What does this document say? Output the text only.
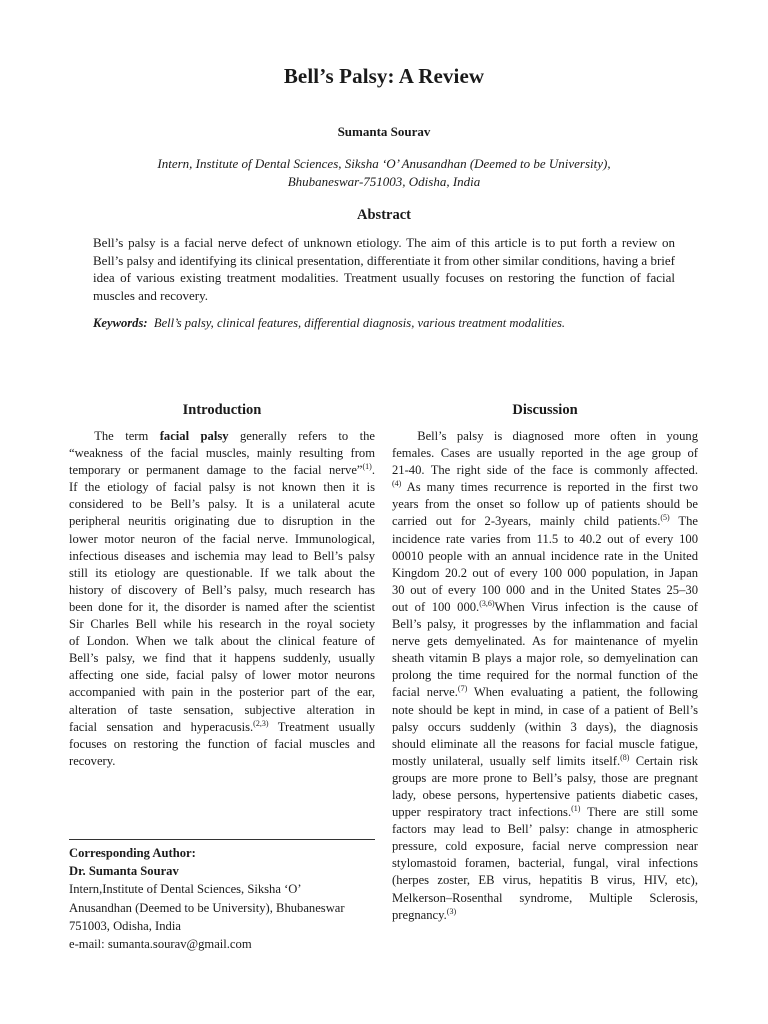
Bell’s Palsy: A Review
Sumanta Sourav
Intern, Institute of Dental Sciences, Siksha ‘O’ Anusandhan (Deemed to be University),
Bhubaneswar-751003, Odisha, India
Abstract
Bell’s palsy is a facial nerve defect of unknown etiology. The aim of this article is to put forth a review on Bell’s palsy and identifying its clinical presentation, differentiate it from other similar conditions, having a brief idea of various existing treatment modalities. Treatment usually focuses on restoring the function of facial muscles and recovery.
Keywords: Bell’s palsy, clinical features, differential diagnosis, various treatment modalities.
Introduction
  The term facial palsy generally refers to the
“weakness of the facial muscles, mainly resulting from
temporary or permanent damage to the facial nerve”$^{(1)}$.
If the etiology of facial palsy is not known then it is
considered to be Bell’s palsy. It is a unilateral acute
peripheral neuritis originating due to disruption in the
lower motor neuron of the facial nerve. Immunological,
infectious diseases and ischemia may lead to Bell’s palsy
still its etiology are questionable. If we talk about the
history of discovery of Bell’s palsy, much research has
been done for it, the disorder is named after the scientist
Sir Charles Bell while his research in the royal society
of London. When we talk about the clinical feature of
Bell’s palsy, we find that it happens suddenly, usually
affecting one side, facial palsy of lower motor neurons
accompanied with pain in the posterior part of the ear,
alteration of taste sensation, subjective alteration in
facial sensation and hyperacusis.$^{(2,3)}$ Treatment usually
focuses on restoring the function of facial muscles and
recovery.
Corresponding Author:
Dr. Sumanta Sourav
Intern,Institute of Dental Sciences, Siksha ‘O’
Anusandhan (Deemed to be University), Bhubaneswar
751003, Odisha, India
e-mail: sumanta.sourav@gmail.com
Discussion
  Bell’s palsy is diagnosed more often in young
females. Cases are usually reported in the age group of
21-40. The right side of the face is commonly affected.
$^{(4)}$ As many times recurrence is reported in the first two
years from the onset so follow up of patients should be
carried out for 2-3years, mainly child patients.$^{(5)}$ The
incidence rate varies from 11.5 to 40.2 out of every 100
00010 people with an annual incidence rate in the United
Kingdom 20.2 out of every 100 000 population, in Japan
30 out of every 100 000 and in the United States 25–30
out of 100 000.$^{(3,6)}$When Virus infection is the cause of
Bell’s palsy, it progresses by the inflammation and facial
nerve gets demyelinated. As for maintenance of myelin
sheath vitamin B plays a major role, so demyelination can
prolong the time required for the normal function of the
facial nerve.$^{(7)}$ When evaluating a patient, the following
note should be kept in mind, in case of a patient of Bell’s
palsy occurs suddenly (within 3 days), the diagnosis
should eliminate all the reasons for facial muscle fatigue,
mostly unilateral, usually self limits itself.$^{(8)}$ Certain risk
groups are more prone to Bell’s palsy, those are pregnant
lady, obese persons, hypertensive patients diabetic cases,
upper respiratory tract infections.$^{(1)}$ There are still some
factors may lead to Bell’ palsy: change in atmospheric
pressure, cold exposure, facial nerve compression near
stylomastoid foramen, bacterial, fungal, viral infections
(herpes zoster, EB virus, hepatitis B virus, HIV, etc),
Melkerson–Rosenthal syndrome, Multiple Sclerosis,
pregnancy.$^{(3)}$
